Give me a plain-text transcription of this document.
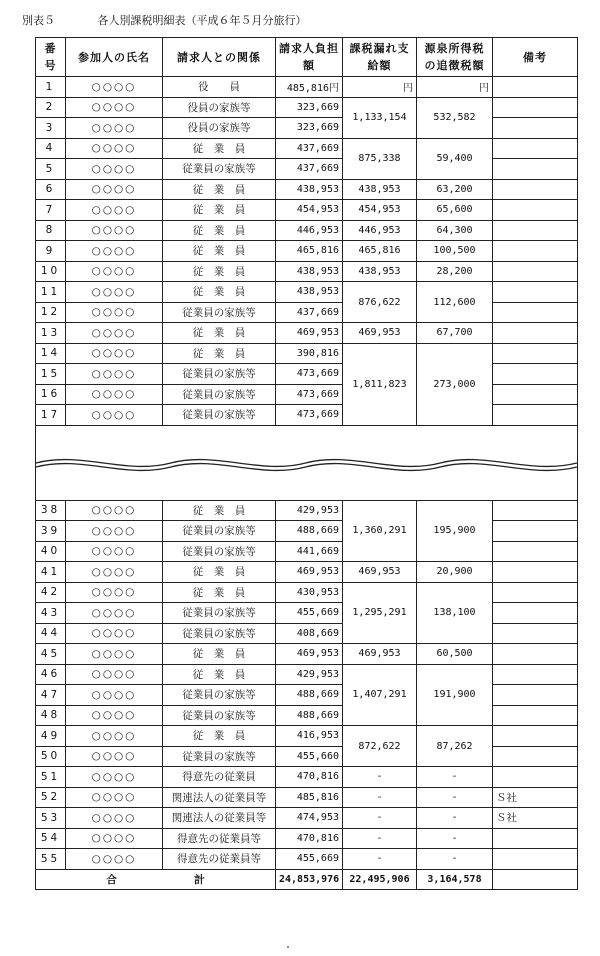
別表５	各人別課税明細表（平成６年５月分旅行）
番号	参加人の氏名	請求人との関係	請求人負担額	課税漏れ支給額	源泉所得税の追徴税額	備考
1	○○○○	役　　員	485,816円	円	円	
2	○○○○	役員の家族等	323,669	1,133,154	532,582	
3	○○○○	役員の家族等	323,669			
4	○○○○	従　業　員	437,669	875,338	59,400	
5	○○○○	従業員の家族等	437,669			
6	○○○○	従　業　員	438,953	438,953	63,200	
7	○○○○	従　業　員	454,953	454,953	65,600	
8	○○○○	従　業　員	446,953	446,953	64,300	
9	○○○○	従　業　員	465,816	465,816	100,500	
10	○○○○	従　業　員	438,953	438,953	28,200	
11	○○○○	従　業　員	438,953	876,622	112,600	
12	○○○○	従業員の家族等	437,669			
13	○○○○	従　業　員	469,953	469,953	67,700	
14	○○○○	従　業　員	390,816	1,811,823	273,000	
15	○○○○	従業員の家族等	473,669			
16	○○○○	従業員の家族等	473,669			
17	○○○○	従業員の家族等	473,669			

38	○○○○	従　業　員	429,953	1,360,291	195,900	
39	○○○○	従業員の家族等	488,669			
40	○○○○	従業員の家族等	441,669			
41	○○○○	従　業　員	469,953	469,953	20,900	
42	○○○○	従　業　員	430,953	1,295,291	138,100	
43	○○○○	従業員の家族等	455,669			
44	○○○○	従業員の家族等	408,669			
45	○○○○	従　業　員	469,953	469,953	60,500	
46	○○○○	従　業　員	429,953	1,407,291	191,900	
47	○○○○	従業員の家族等	488,669			
48	○○○○	従業員の家族等	488,669			
49	○○○○	従　業　員	416,953	872,622	87,262	
50	○○○○	従業員の家族等	455,660			
51	○○○○	得意先の従業員	470,816	-	-	
52	○○○○	関連法人の従業員等	485,816	-	-	Ｓ社
53	○○○○	関連法人の従業員等	474,953	-	-	Ｓ社
54	○○○○	得意先の従業員等	470,816	-	-	
55	○○○○	得意先の従業員等	455,669	-	-	
合 計			24,853,976	22,495,906	3,164,578	
